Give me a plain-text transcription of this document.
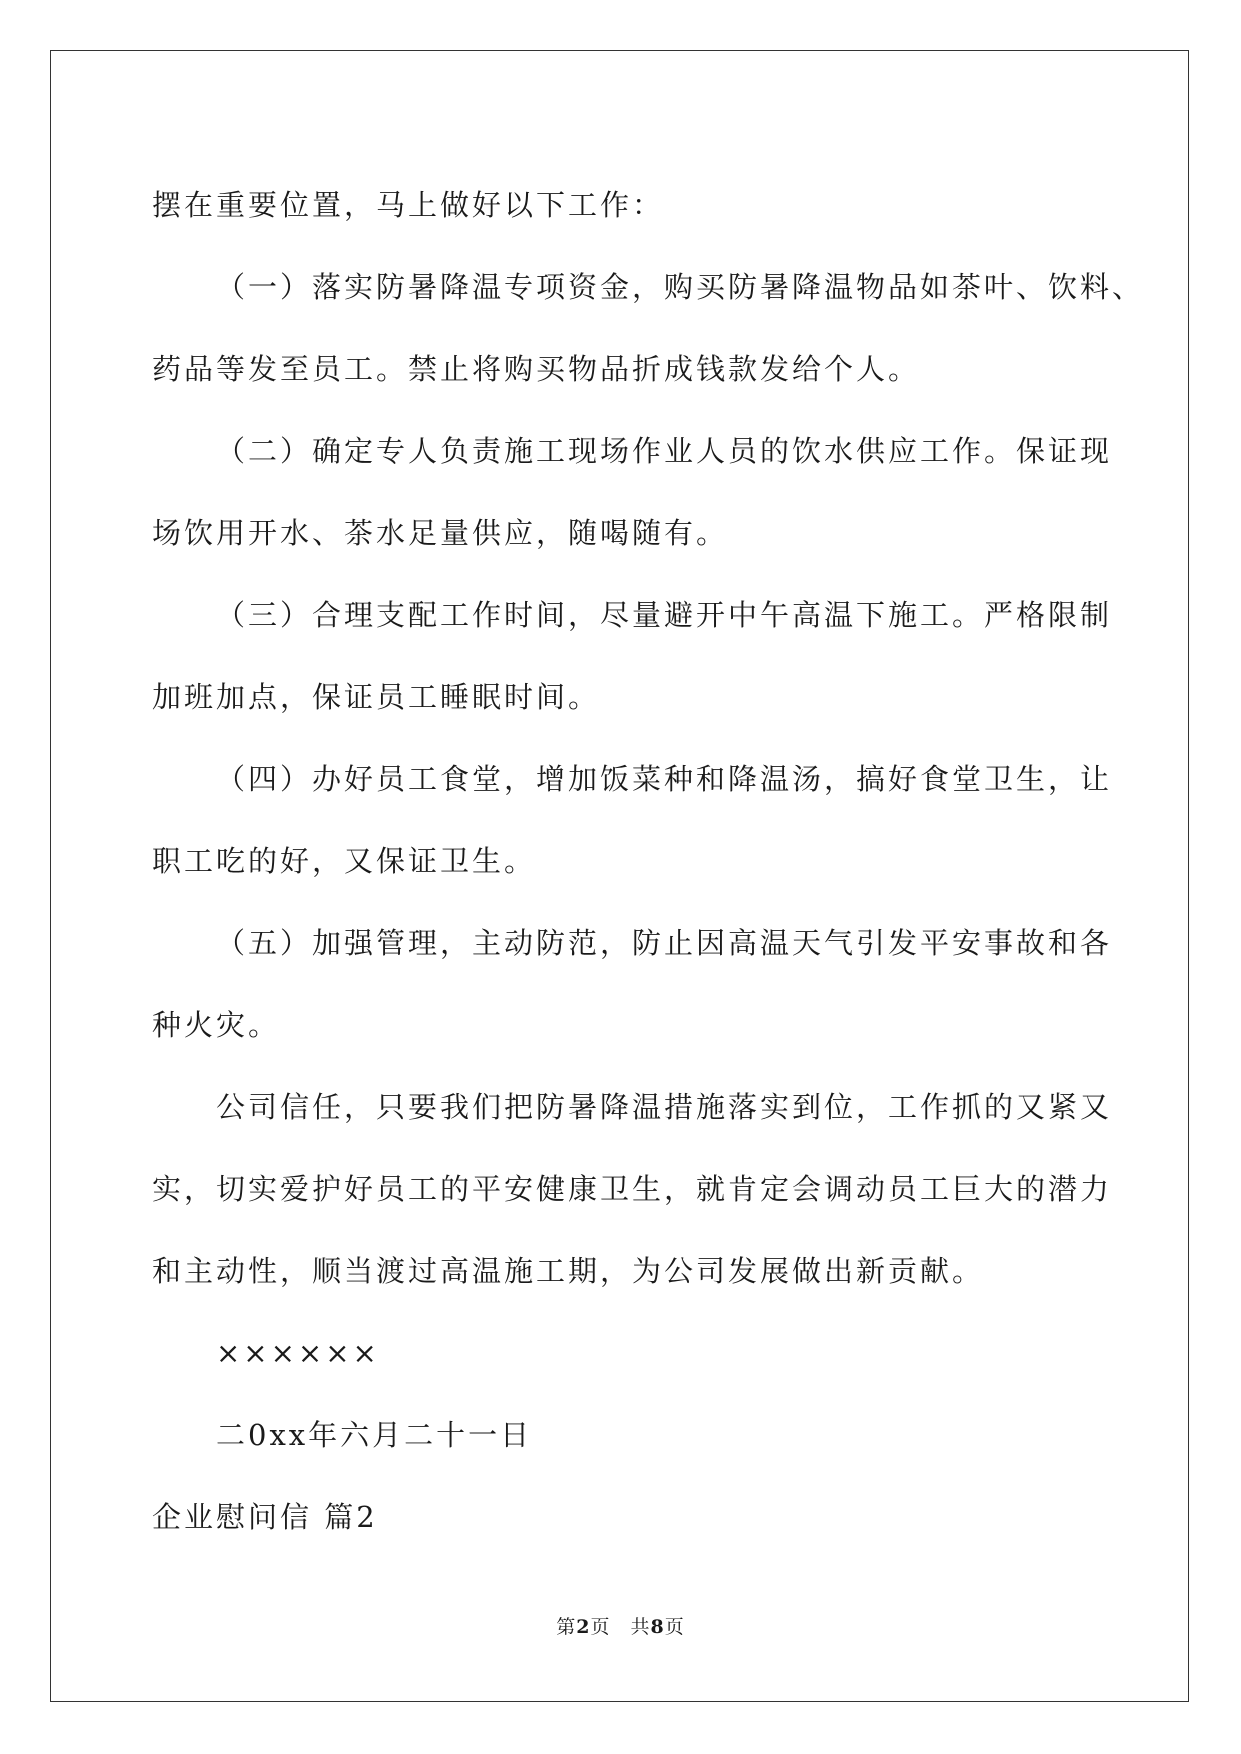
摆在重要位置，马上做好以下工作：

（一）落实防暑降温专项资金，购买防暑降温物品如茶叶、饮料、

药品等发至员工。禁止将购买物品折成钱款发给个人。

（二）确定专人负责施工现场作业人员的饮水供应工作。保证现

场饮用开水、茶水足量供应，随喝随有。

（三）合理支配工作时间，尽量避开中午高温下施工。严格限制

加班加点，保证员工睡眠时间。

（四）办好员工食堂，增加饭菜种和降温汤，搞好食堂卫生，让

职工吃的好，又保证卫生。

（五）加强管理，主动防范，防止因高温天气引发平安事故和各

种火灾。

公司信任，只要我们把防暑降温措施落实到位，工作抓的又紧又

实，切实爱护好员工的平安健康卫生，就肯定会调动员工巨大的潜力

和主动性，顺当渡过高温施工期，为公司发展做出新贡献。

××××××

二0xx年六月二十一日

企业慰问信 篇2

第2页　共8页
